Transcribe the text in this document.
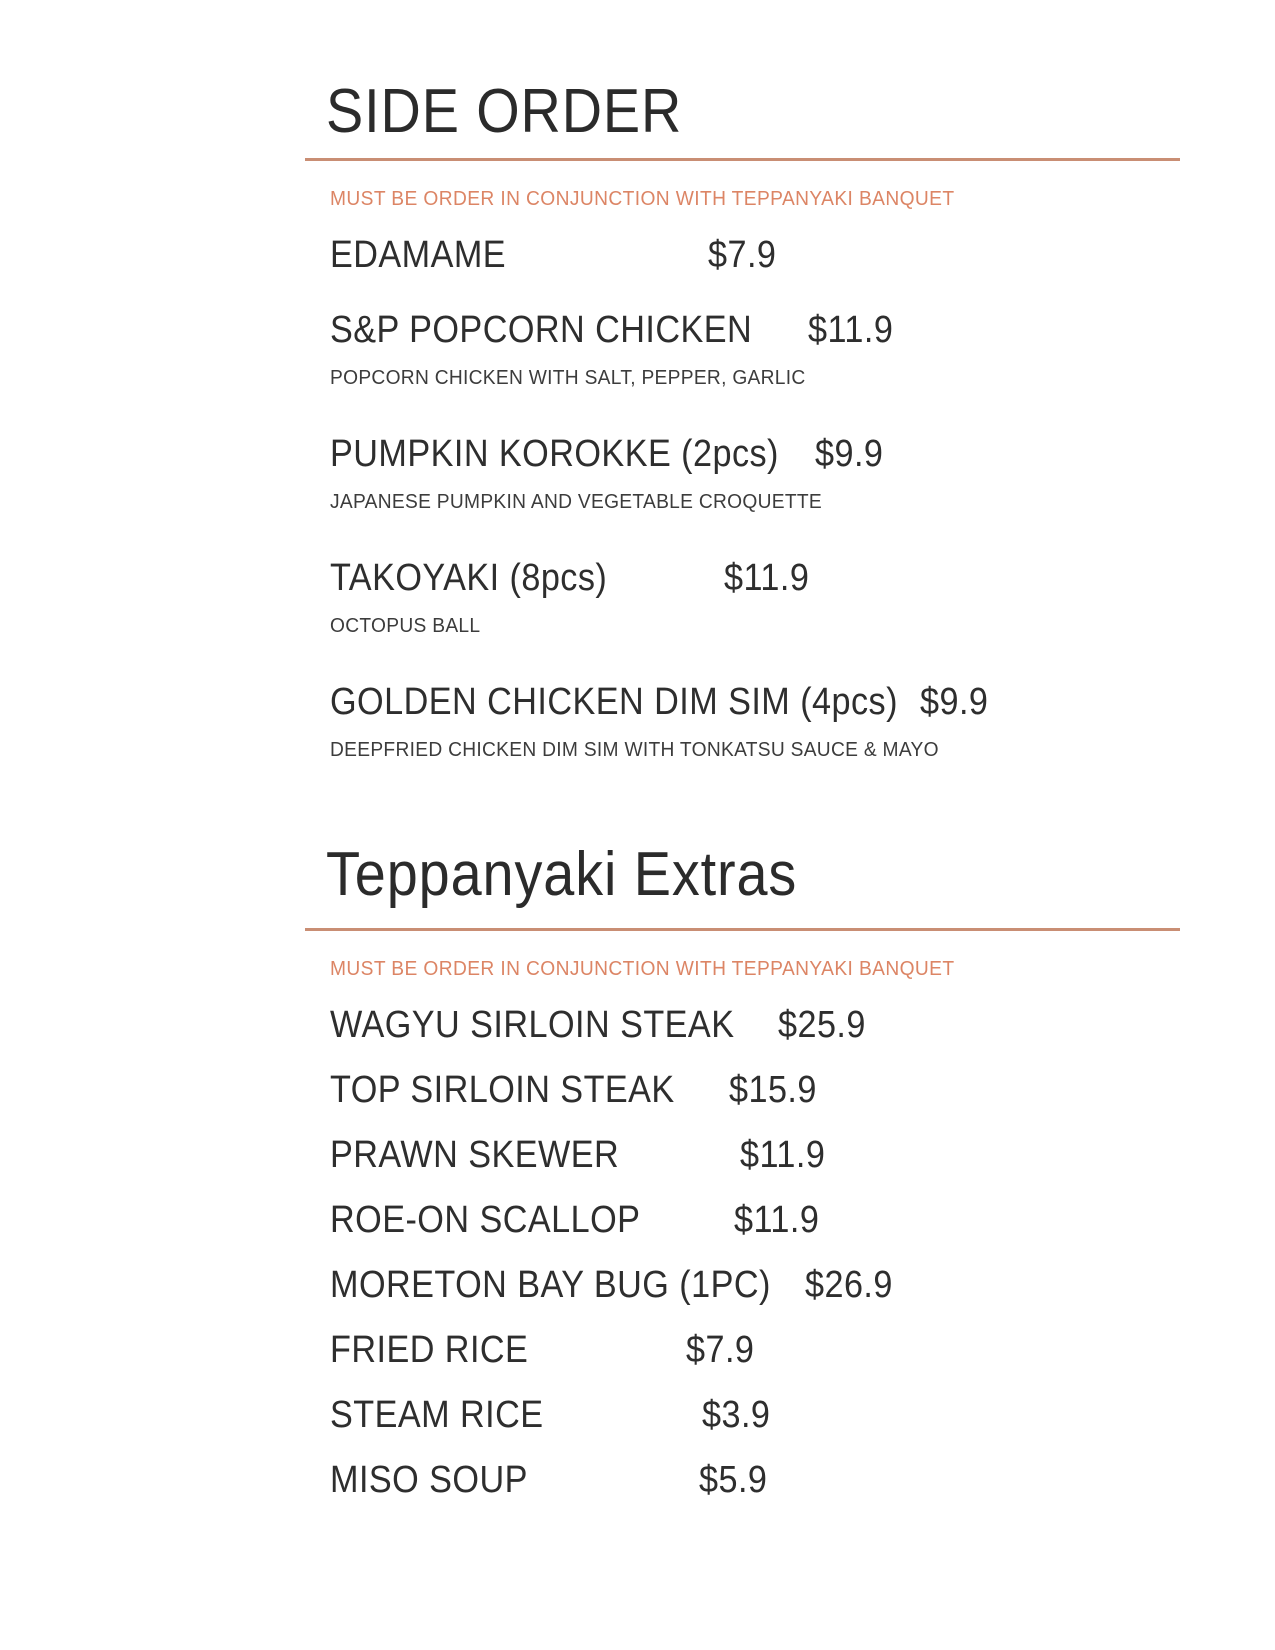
SIDE ORDER
MUST BE ORDER IN CONJUNCTION WITH TEPPANYAKI BANQUET
EDAMAME	$7.9
S&P POPCORN CHICKEN $11.9
POPCORN CHICKEN WITH SALT, PEPPER, GARLIC
PUMPKIN KOROKKE (2pcs) $9.9
JAPANESE PUMPKIN AND VEGETABLE CROQUETTE
TAKOYAKI (8pcs)	$11.9
OCTOPUS BALL
GOLDEN CHICKEN DIM SIM (4pcs) $9.9
DEEPFRIED CHICKEN DIM SIM WITH TONKATSU SAUCE & MAYO
Teppanyaki Extras
MUST BE ORDER IN CONJUNCTION WITH TEPPANYAKI BANQUET
WAGYU SIRLOIN STEAK $25.9
TOP SIRLOIN STEAK $15.9
PRAWN SKEWER	$11.9
ROE-ON SCALLOP $11.9
MORETON BAY BUG (1PC) $26.9
FRIED RICE	$7.9
STEAM RICE	$3.9
MISO SOUP	$5.9
